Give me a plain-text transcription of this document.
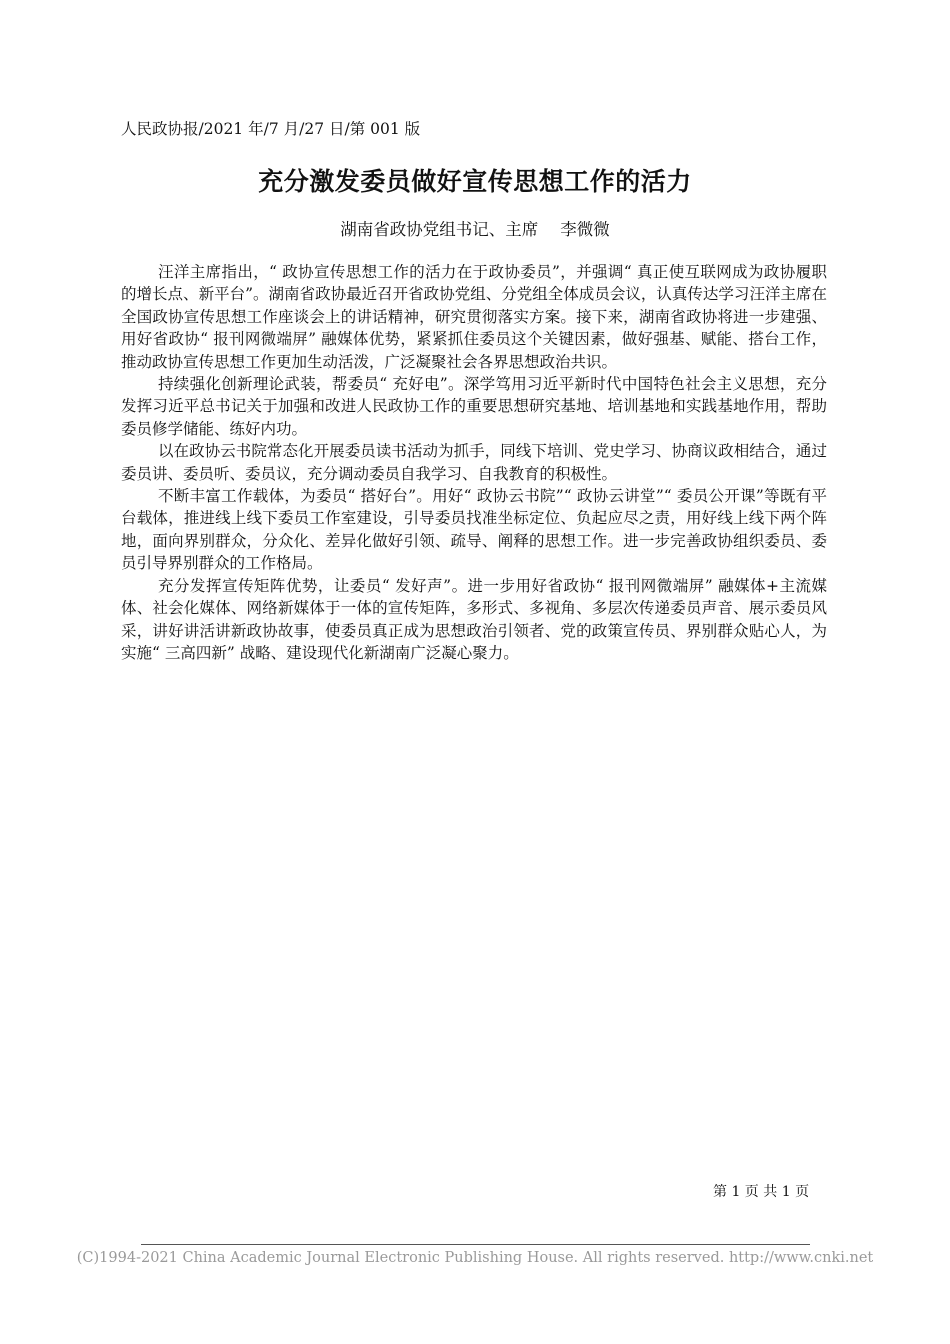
人民政协报/2021 年/7 月/27 日/第 001 版
充分激发委员做好宣传思想工作的活力
湖南省政协党组书记、主席 李微微

汪洋主席指出，“ 政协宣传思想工作的活力在于政协委员”，并强调“ 真正使互联网成为政协履职的增长点、新平台”。湖南省政协最近召开省政协党组、分党组全体成员会议，认真传达学习汪洋主席在全国政协宣传思想工作座谈会上的讲话精神，研究贯彻落实方案。接下来，湖南省政协将进一步建强、用好省政协“ 报刊网微端屏” 融媒体优势，紧紧抓住委员这个关键因素，做好强基、赋能、搭台工作，推动政协宣传思想工作更加生动活泼，广泛凝聚社会各界思想政治共识。

持续强化创新理论武装，帮委员“ 充好电”。深学笃用习近平新时代中国特色社会主义思想，充分发挥习近平总书记关于加强和改进人民政协工作的重要思想研究基地、培训基地和实践基地作用，帮助委员修学储能、练好内功。

以在政协云书院常态化开展委员读书活动为抓手，同线下培训、党史学习、协商议政相结合，通过委员讲、委员听、委员议，充分调动委员自我学习、自我教育的积极性。

不断丰富工作载体，为委员“ 搭好台”。用好“ 政协云书院”“ 政协云讲堂”“ 委员公开课”等既有平台载体，推进线上线下委员工作室建设，引导委员找准坐标定位、负起应尽之责，用好线上线下两个阵地，面向界别群众，分众化、差异化做好引领、疏导、阐释的思想工作。进一步完善政协组织委员、委员引导界别群众的工作格局。

充分发挥宣传矩阵优势，让委员“ 发好声”。进一步用好省政协“ 报刊网微端屏” 融媒体+主流媒体、社会化媒体、网络新媒体于一体的宣传矩阵，多形式、多视角、多层次传递委员声音、展示委员风采，讲好讲活讲新政协故事，使委员真正成为思想政治引领者、党的政策宣传员、界别群众贴心人，为实施“ 三高四新” 战略、建设现代化新湖南广泛凝心聚力。

第 1 页 共 1 页
(C)1994-2021 China Academic Journal Electronic Publishing House. All rights reserved. http://www.cnki.net
